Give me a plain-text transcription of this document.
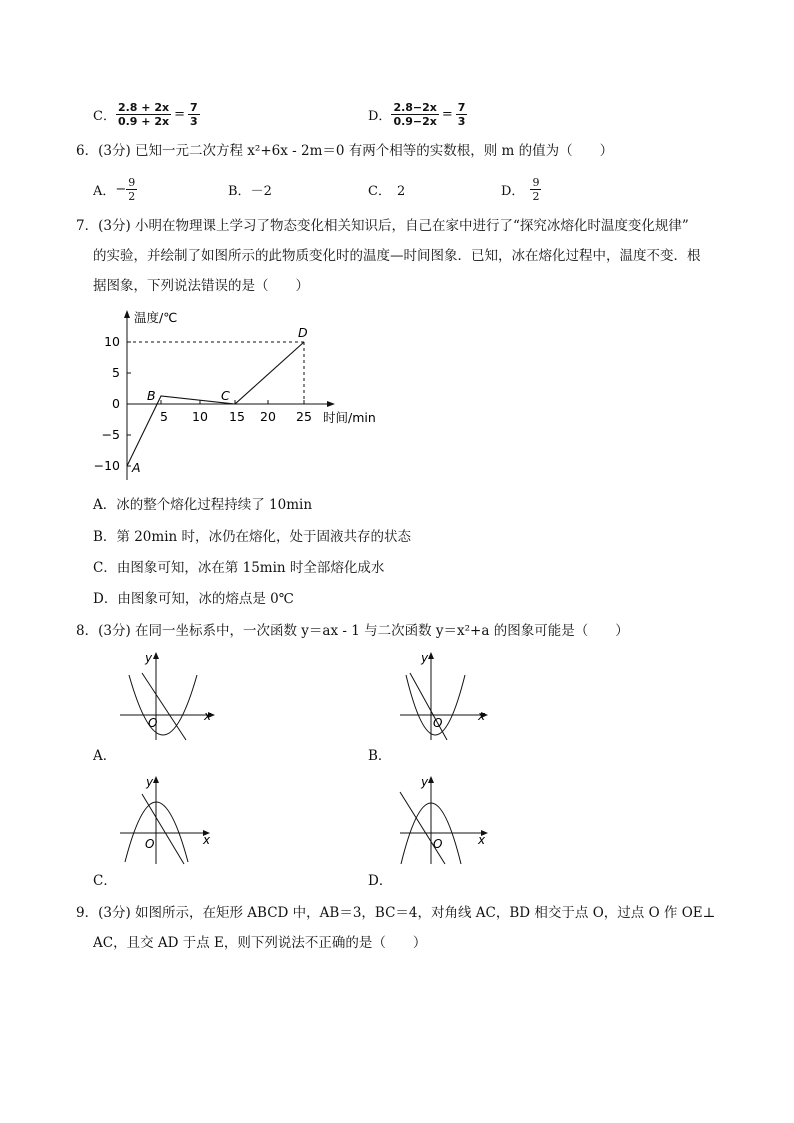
C． $\frac{2.8 + 2x}{0.9 + 2x} = \frac{7}{3}$	D． $\frac{2.8-2x}{0.9-2x} = \frac{7}{3}$
6．(3分) 已知一元二次方程 x²+6x - 2m＝0 有两个相等的实数根，则 m 的值为（　　）
A． − $\frac{9}{2}$	B．－2	C． 2	D． $\frac{9}{2}$
7．(3分) 小明在物理课上学习了物态变化相关知识后，自己在家中进行了“探究冰熔化时温度变化规律”
的实验，并绘制了如图所示的此物质变化时的温度—时间图象．已知，冰在熔化过程中，温度不变．根
据图象，下列说法错误的是（　　）
温度/℃
时间/min
10
5
0
−5
−10
5 10 15 20 25
A
B	C
D
A．冰的整个熔化过程持续了 10min
B．第 20min 时，冰仍在熔化，处于固液共存的状态
C．由图象可知，冰在第 15min 时全部熔化成水
D．由图象可知，冰的熔点是 0℃
8．(3分) 在同一坐标系中，一次函数 y＝ax - 1 与二次函数 y＝x²+a 的图象可能是（　　）
O	x
y
A．
O	x
y
B．
O	x
y
C．
O	x
y
D．
9．(3分) 如图所示，在矩形 ABCD 中，AB＝3，BC＝4，对角线 AC，BD 相交于点 O，过点 O 作 OE⊥
AC，且交 AD 于点 E，则下列说法不正确的是（　　）
